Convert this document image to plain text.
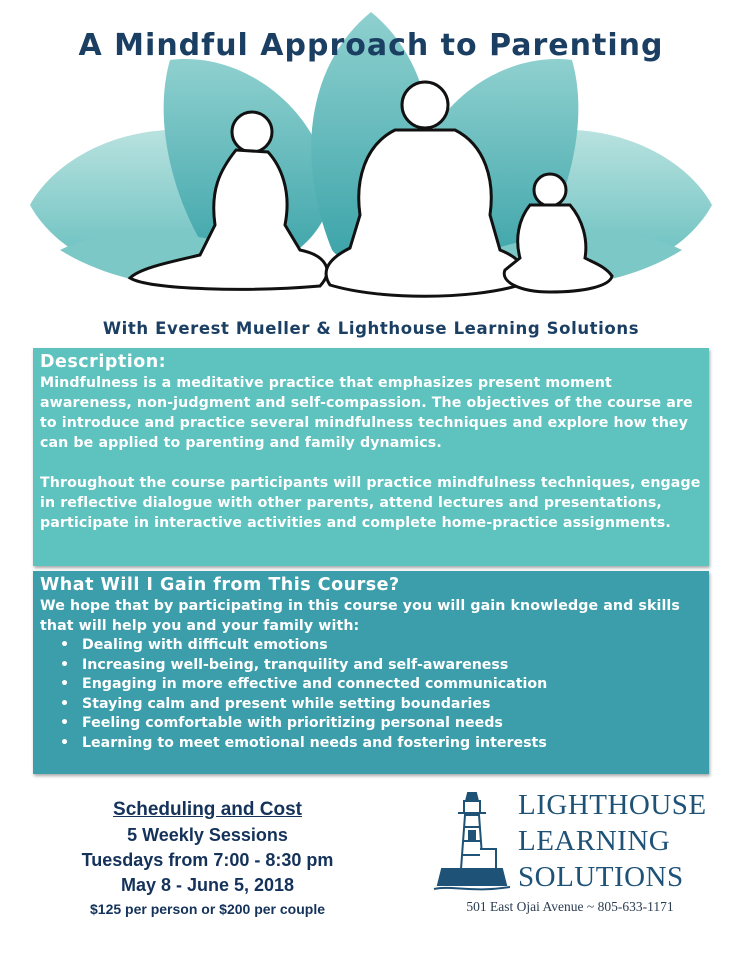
A Mindful Approach to Parenting
With Everest Mueller & Lighthouse Learning Solutions
Description:
Mindfulness is a meditative practice that emphasizes present moment awareness, non-judgment and self-compassion. The objectives of the course are to introduce and practice several mindfulness techniques and explore how they can be applied to parenting and family dynamics.
Throughout the course participants will practice mindfulness techniques, engage in reflective dialogue with other parents, attend lectures and presentations, participate in interactive activities and complete home-practice assignments.
What Will I Gain from This Course?
We hope that by participating in this course you will gain knowledge and skills that will help you and your family with:
• Dealing with difficult emotions
• Increasing well-being, tranquility and self-awareness
• Engaging in more effective and connected communication
• Staying calm and present while setting boundaries
• Feeling comfortable with prioritizing personal needs
• Learning to meet emotional needs and fostering interests
Scheduling and Cost
5 Weekly Sessions
Tuesdays from 7:00 - 8:30 pm
May 8 - June 5, 2018
$125 per person or $200 per couple
LIGHTHOUSE
LEARNING
SOLUTIONS
501 East Ojai Avenue ~ 805-633-1171
